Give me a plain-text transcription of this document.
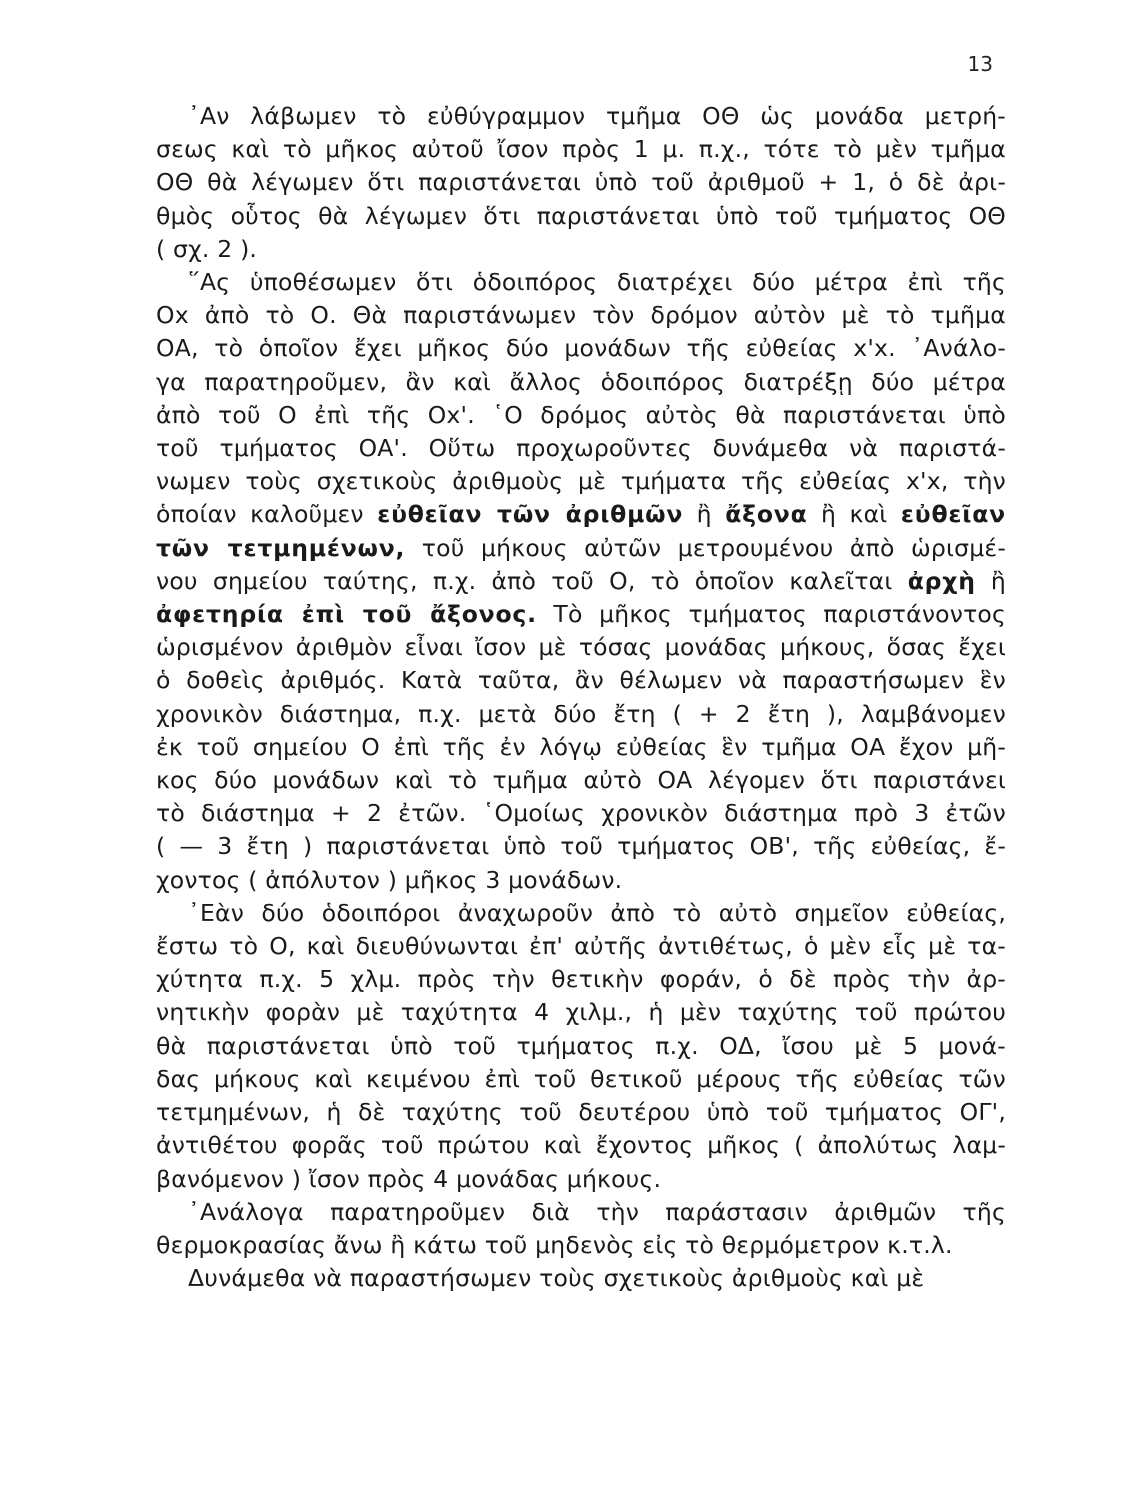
13
᾿Αν λάβωμεν τὸ εὐθύγραμμον τμῆμα ΟΘ ὡς μονάδα μετρή-
σεως καὶ τὸ μῆκος αὐτοῦ ἴσον πρὸς 1 μ. π.χ., τότε τὸ μὲν τμῆμα
ΟΘ θὰ λέγωμεν ὅτι παριστάνεται ὑπὸ τοῦ ἀριθμοῦ + 1, ὁ δὲ ἀρι-
θμὸς οὗτος θὰ λέγωμεν ὅτι παριστάνεται ὑπὸ τοῦ τμήματος ΟΘ
( σχ. 2 ).
῞Ας ὑποθέσωμεν ὅτι ὁδοιπόρος διατρέχει δύο μέτρα ἐπὶ τῆς
Οx ἀπὸ τὸ Ο. Θὰ παριστάνωμεν τὸν δρόμον αὐτὸν μὲ τὸ τμῆμα
ΟΑ, τὸ ὁποῖον ἔχει μῆκος δύο μονάδων τῆς εὐθείας x'x. ᾿Ανάλο-
γα παρατηροῦμεν, ἂν καὶ ἄλλος ὁδοιπόρος διατρέξῃ δύο μέτρα
ἀπὸ τοῦ Ο ἐπὶ τῆς Οx'. ῾Ο δρόμος αὐτὸς θὰ παριστάνεται ὑπὸ
τοῦ τμήματος ΟΑ'. Οὕτω προχωροῦντες δυνάμεθα νὰ παριστά-
νωμεν τοὺς σχετικοὺς ἀριθμοὺς μὲ τμήματα τῆς εὐθείας x'x, τὴν
ὁποίαν καλοῦμεν εὐθεῖαν τῶν ἀριθμῶν ἢ ἄξονα ἢ καὶ εὐθεῖαν
τῶν τετμημένων, τοῦ μήκους αὐτῶν μετρουμένου ἀπὸ ὡρισμέ-
νου σημείου ταύτης, π.χ. ἀπὸ τοῦ Ο, τὸ ὁποῖον καλεῖται ἀρχὴ ἢ
ἀφετηρία ἐπὶ τοῦ ἄξονος. Τὸ μῆκος τμήματος παριστάνοντος
ὡρισμένον ἀριθμὸν εἶναι ἴσον μὲ τόσας μονάδας μήκους, ὅσας ἔχει
ὁ δοθεὶς ἀριθμός. Κατὰ ταῦτα, ἂν θέλωμεν νὰ παραστήσωμεν ἓν
χρονικὸν διάστημα, π.χ. μετὰ δύο ἔτη ( + 2 ἔτη ), λαμβάνομεν
ἐκ τοῦ σημείου Ο ἐπὶ τῆς ἐν λόγῳ εὐθείας ἓν τμῆμα ΟΑ ἔχον μῆ-
κος δύο μονάδων καὶ τὸ τμῆμα αὐτὸ ΟΑ λέγομεν ὅτι παριστάνει
τὸ διάστημα + 2 ἐτῶν. ῾Ομοίως χρονικὸν διάστημα πρὸ 3 ἐτῶν
( — 3 ἔτη ) παριστάνεται ὑπὸ τοῦ τμήματος ΟΒ', τῆς εὐθείας, ἔ-
χοντος ( ἀπόλυτον ) μῆκος 3 μονάδων.
᾿Εὰν δύο ὁδοιπόροι ἀναχωροῦν ἀπὸ τὸ αὐτὸ σημεῖον εὐθείας,
ἔστω τὸ Ο, καὶ διευθύνωνται ἐπ' αὐτῆς ἀντιθέτως, ὁ μὲν εἷς μὲ τα-
χύτητα π.χ. 5 χλμ. πρὸς τὴν θετικὴν φοράν, ὁ δὲ πρὸς τὴν ἀρ-
νητικὴν φορὰν μὲ ταχύτητα 4 χιλμ., ἡ μὲν ταχύτης τοῦ πρώτου
θὰ παριστάνεται ὑπὸ τοῦ τμήματος π.χ. ΟΔ, ἴσου μὲ 5 μονά-
δας μήκους καὶ κειμένου ἐπὶ τοῦ θετικοῦ μέρους τῆς εὐθείας τῶν
τετμημένων, ἡ δὲ ταχύτης τοῦ δευτέρου ὑπὸ τοῦ τμήματος ΟΓ',
ἀντιθέτου φορᾶς τοῦ πρώτου καὶ ἔχοντος μῆκος ( ἀπολύτως λαμ-
βανόμενον ) ἴσον πρὸς 4 μονάδας μήκους.
᾿Ανάλογα παρατηροῦμεν διὰ τὴν παράστασιν ἀριθμῶν τῆς
θερμοκρασίας ἄνω ἢ κάτω τοῦ μηδενὸς εἰς τὸ θερμόμετρον κ.τ.λ.
Δυνάμεθα νὰ παραστήσωμεν τοὺς σχετικοὺς ἀριθμοὺς καὶ μὲ
